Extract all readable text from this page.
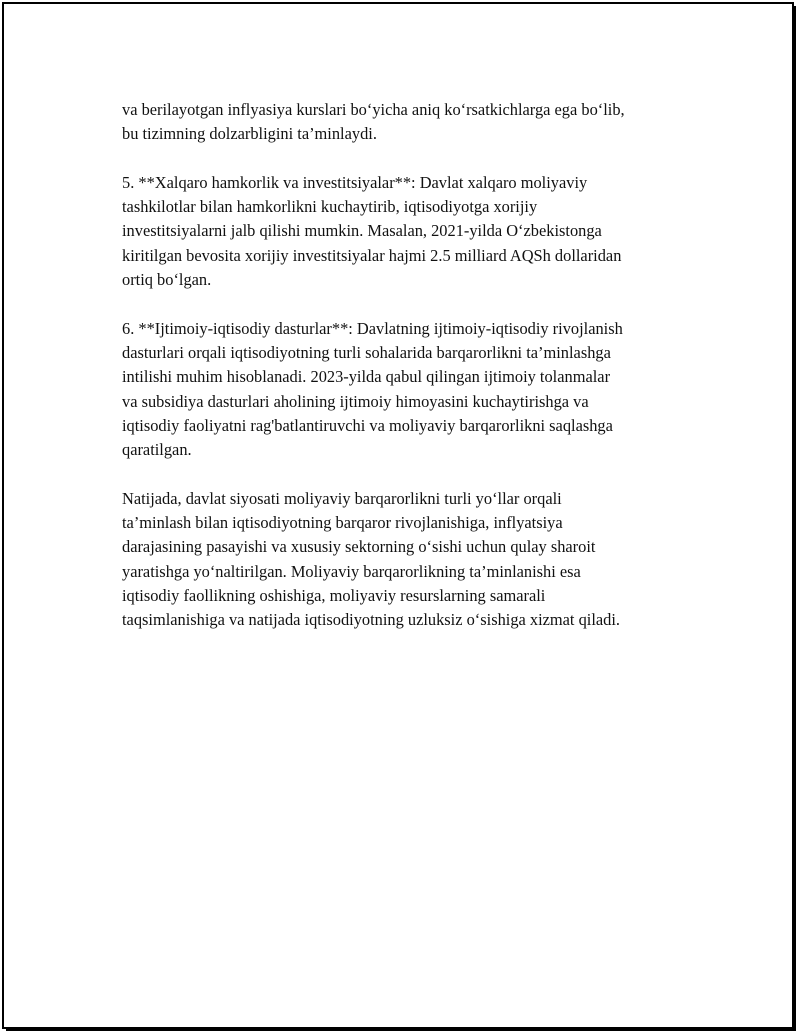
va berilayotgan inflyasiya kurslari bo‘yicha aniq ko‘rsatkichlarga ega bo‘lib,
bu tizimning dolzarbligini ta’minlaydi.

5. **Xalqaro hamkorlik va investitsiyalar**: Davlat xalqaro moliyaviy
tashkilotlar bilan hamkorlikni kuchaytirib, iqtisodiyotga xorijiy
investitsiyalarni jalb qilishi mumkin. Masalan, 2021-yilda O‘zbekistonga
kiritilgan bevosita xorijiy investitsiyalar hajmi 2.5 milliard AQSh dollaridan
ortiq bo‘lgan.

6. **Ijtimoiy-iqtisodiy dasturlar**: Davlatning ijtimoiy-iqtisodiy rivojlanish
dasturlari orqali iqtisodiyotning turli sohalarida barqarorlikni ta’minlashga
intilishi muhim hisoblanadi. 2023-yilda qabul qilingan ijtimoiy tolanmalar
va subsidiya dasturlari aholining ijtimoiy himoyasini kuchaytirishga va
iqtisodiy faoliyatni rag'batlantiruvchi va moliyaviy barqarorlikni saqlashga
qaratilgan.

Natijada, davlat siyosati moliyaviy barqarorlikni turli yo‘llar orqali
ta’minlash bilan iqtisodiyotning barqaror rivojlanishiga, inflyatsiya
darajasining pasayishi va xususiy sektorning o‘sishi uchun qulay sharoit
yaratishga yo‘naltirilgan. Moliyaviy barqarorlikning ta’minlanishi esa
iqtisodiy faollikning oshishiga, moliyaviy resurslarning samarali
taqsimlanishiga va natijada iqtisodiyotning uzluksiz o‘sishiga xizmat qiladi.
